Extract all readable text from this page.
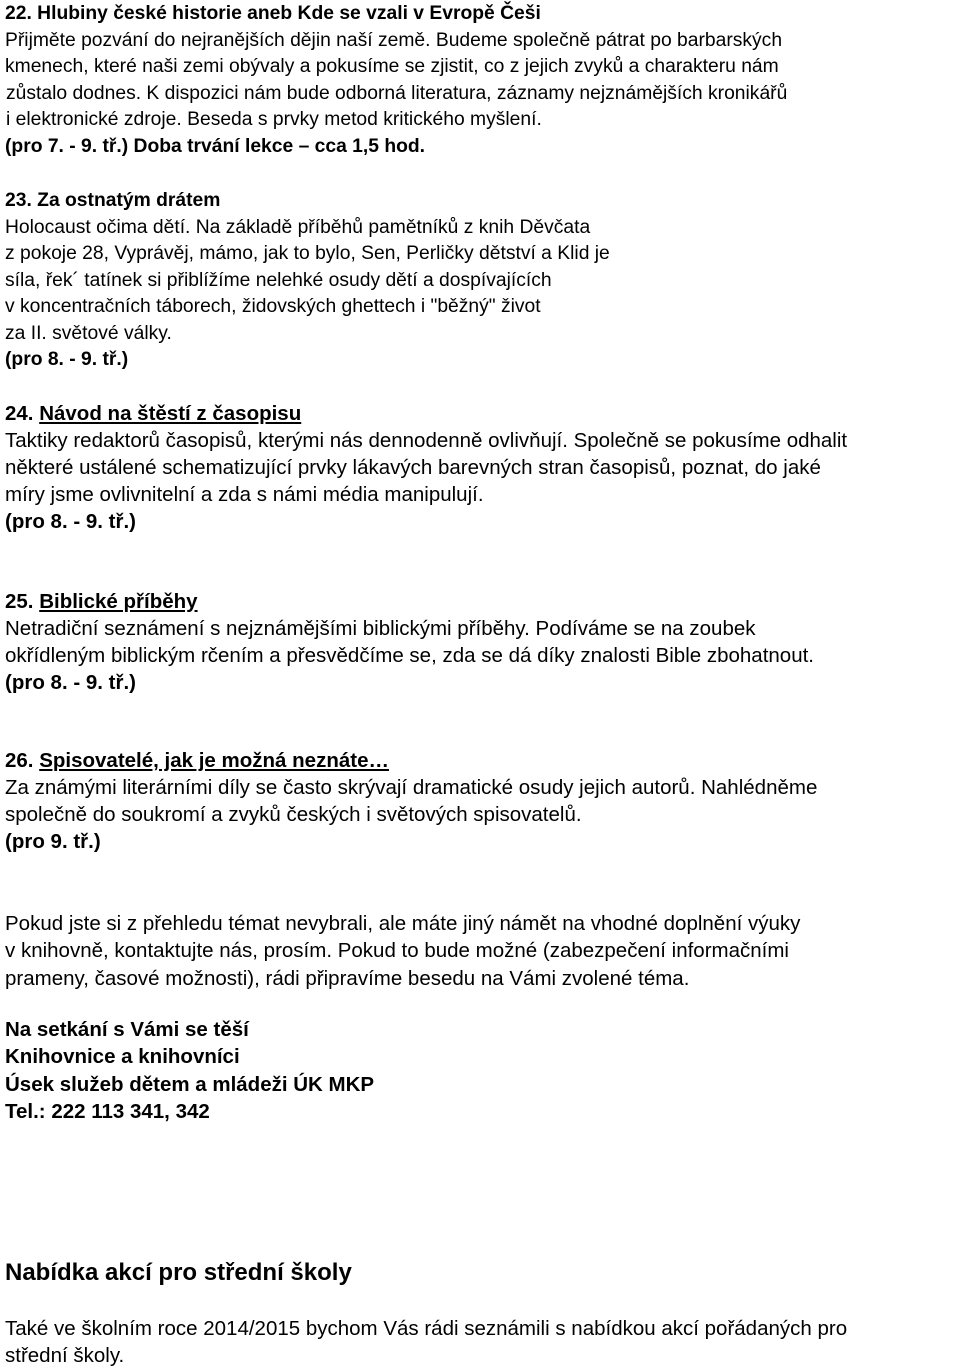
22. Hlubiny české historie aneb Kde se vzali v Evropě Češi
Přijměte pozvání do nejranějších dějin naší země. Budeme společně pátrat po barbarských
kmenech, které naši zemi obývaly a pokusíme se zjistit, co z jejich zvyků a charakteru nám
zůstalo dodnes. K dispozici nám bude odborná literatura, záznamy nejznámějších kronikářů
i elektronické zdroje. Beseda s prvky metod kritického myšlení.
(pro 7. - 9. tř.) Doba trvání lekce – cca 1,5 hod.
23. Za ostnatým drátem
Holocaust očima dětí. Na základě příběhů pamětníků z knih Děvčata
z pokoje 28, Vyprávěj, mámo, jak to bylo, Sen, Perličky dětství a Klid je
síla, řek´ tatínek si přiblížíme nelehké osudy dětí a dospívajících
v koncentračních táborech, židovských ghettech i "běžný" život
za II. světové války.
(pro 8. - 9. tř.)
24. Návod na štěstí z časopisu
Taktiky redaktorů časopisů, kterými nás dennodenně ovlivňují. Společně se pokusíme odhalit
některé ustálené schematizující prvky lákavých barevných stran časopisů, poznat, do jaké
míry jsme ovlivnitelní a zda s námi média manipulují.
(pro 8. - 9. tř.)
25. Biblické příběhy
Netradiční seznámení s nejznámějšími biblickými příběhy. Podíváme se na zoubek
okřídleným biblickým rčením a přesvědčíme se, zda se dá díky znalosti Bible zbohatnout.
(pro 8. - 9. tř.)
26. Spisovatelé, jak je možná neznáte…
Za známými literárními díly se často skrývají dramatické osudy jejich autorů. Nahlédněme
společně do soukromí a zvyků českých i světových spisovatelů.
(pro 9. tř.)
Pokud jste si z přehledu témat nevybrali, ale máte jiný námět na vhodné doplnění výuky
v knihovně, kontaktujte nás, prosím. Pokud to bude možné (zabezpečení informačními
prameny, časové možnosti), rádi připravíme besedu na Vámi zvolené téma.
Na setkání s Vámi se těší
Knihovnice a knihovníci
Úsek služeb dětem a mládeži ÚK MKP
Tel.: 222 113 341, 342
Nabídka akcí pro střední školy
Také ve školním roce 2014/2015 bychom Vás rádi seznámili s nabídkou akcí pořádaných pro
střední školy.
